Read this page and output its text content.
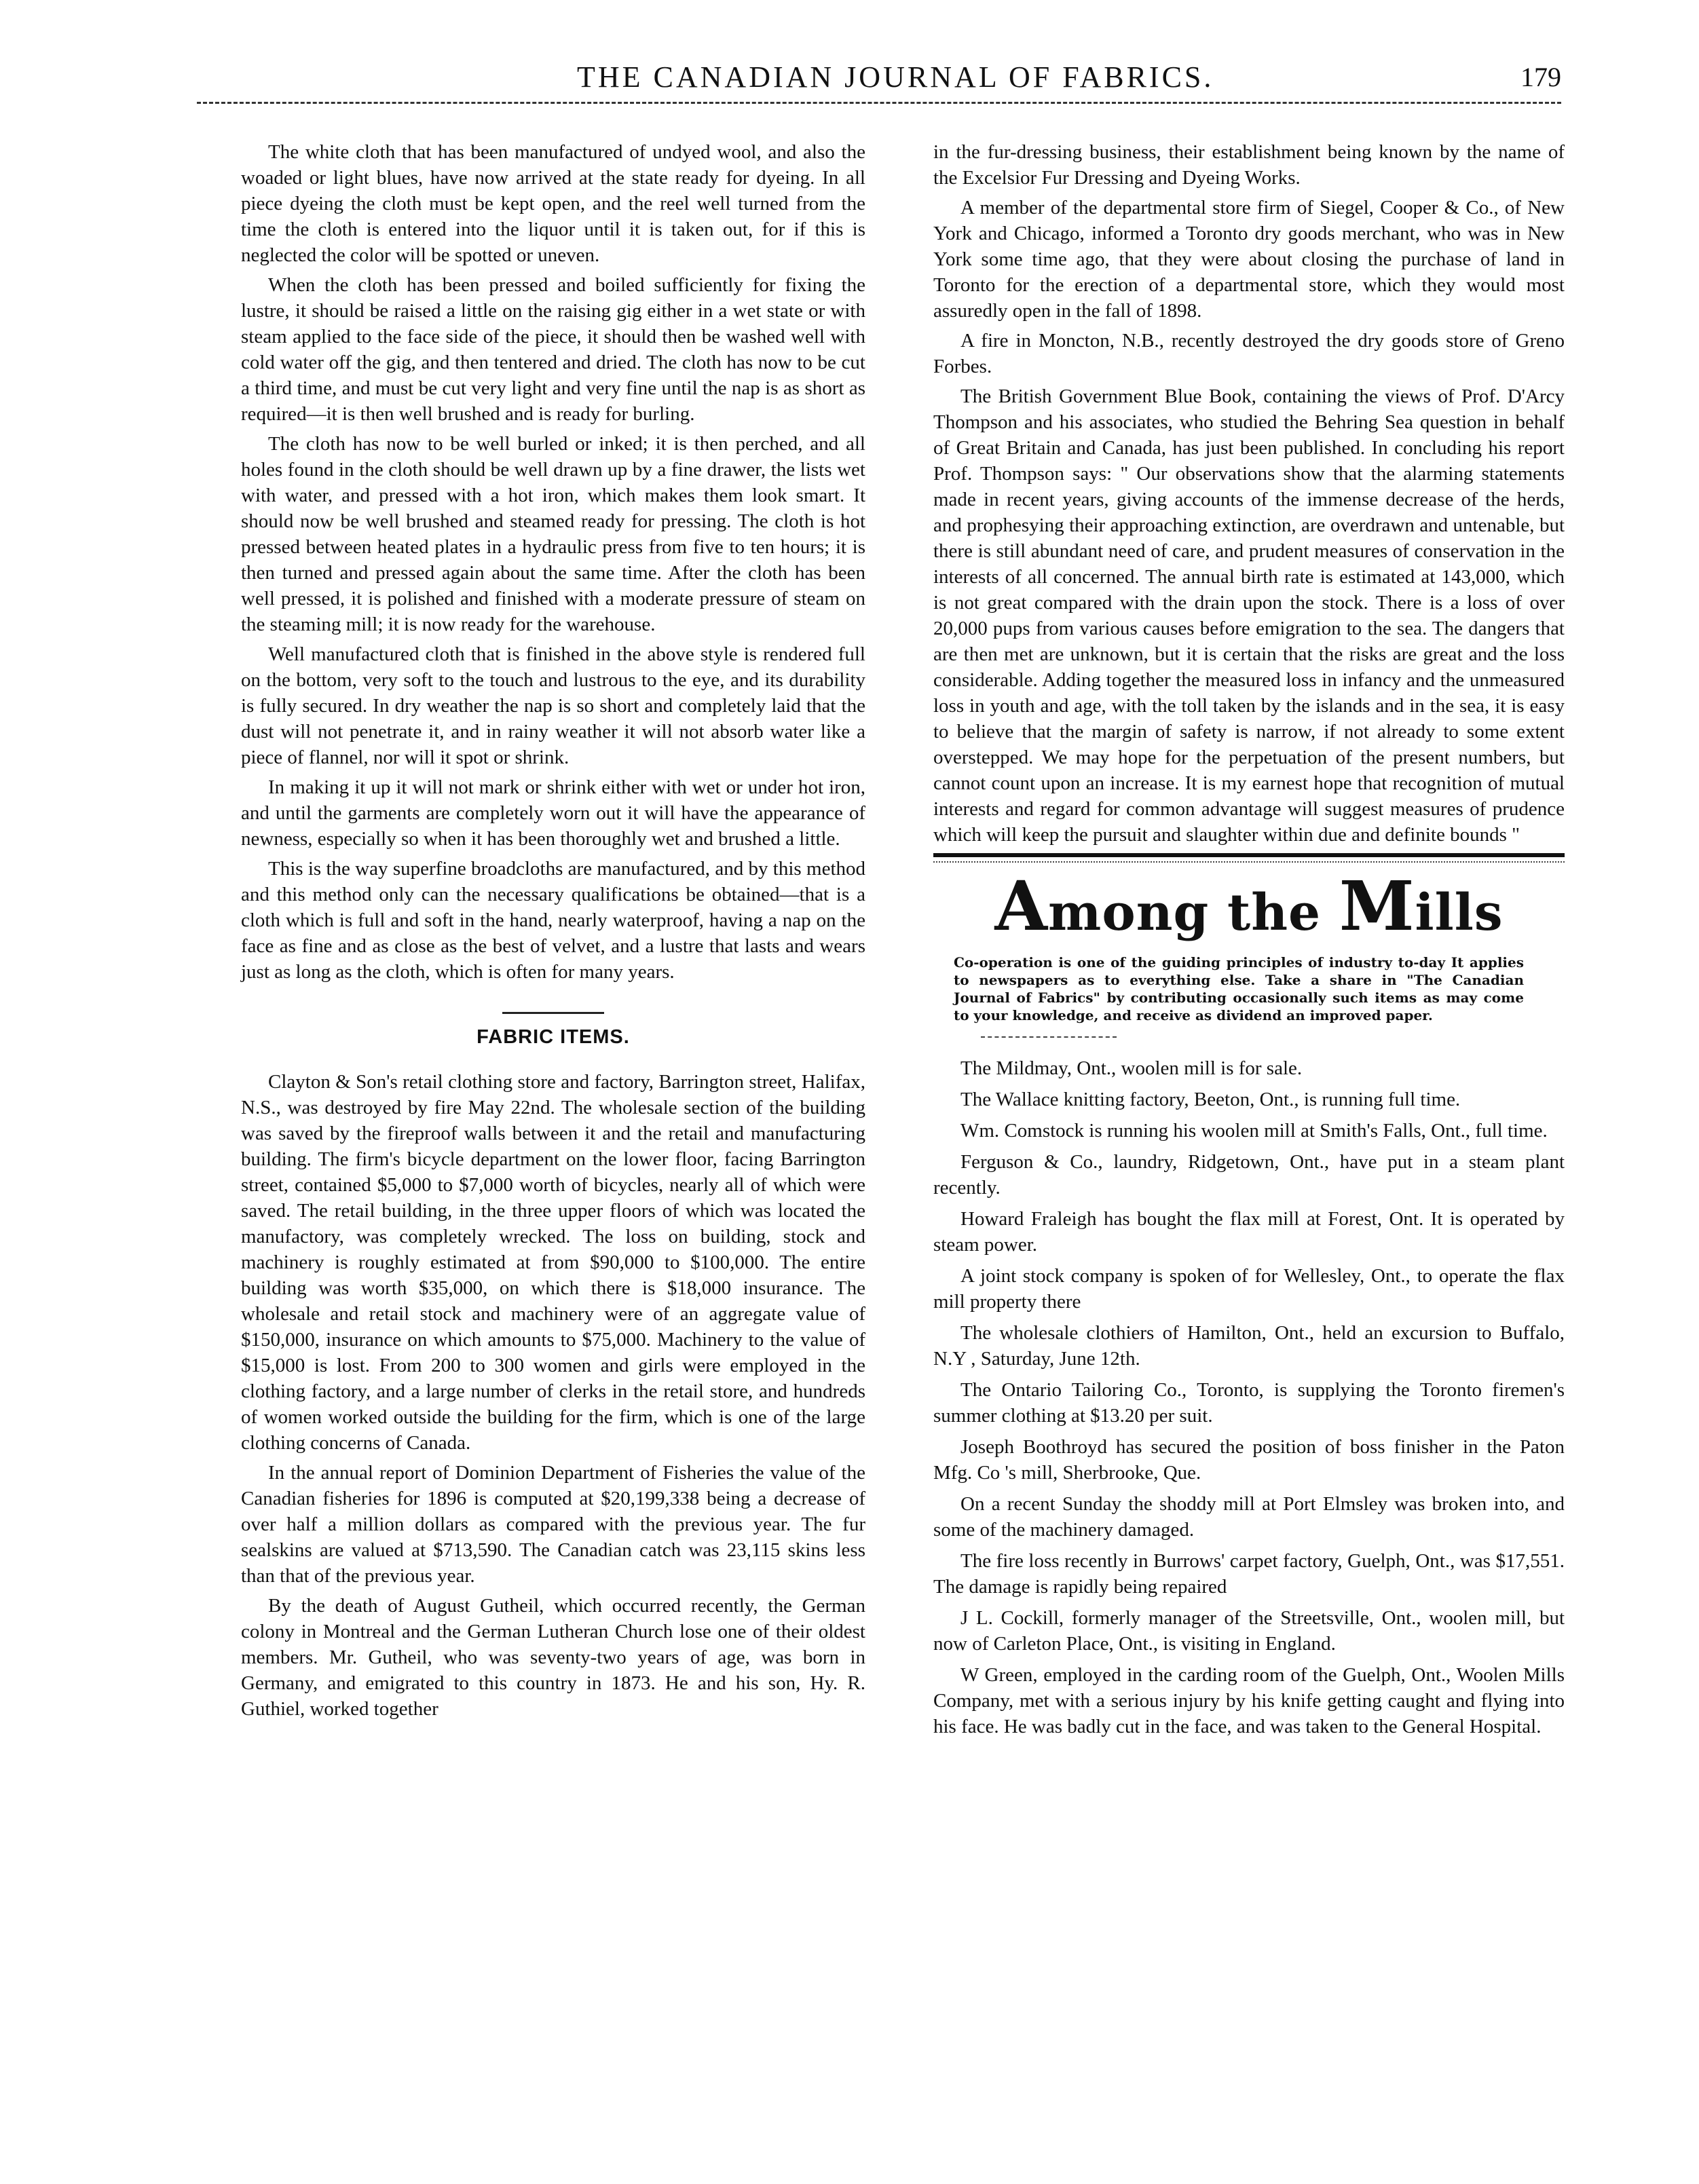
THE CANADIAN JOURNAL OF FABRICS.	179

The white cloth that has been manufactured of undyed wool, and also the woaded or light blues, have now arrived at the state ready for dyeing. In all piece dyeing the cloth must be kept open, and the reel well turned from the time the cloth is entered into the liquor until it is taken out, for if this is neglected the color will be spotted or uneven.

When the cloth has been pressed and boiled sufficiently for fixing the lustre, it should be raised a little on the raising gig either in a wet state or with steam applied to the face side of the piece, it should then be washed well with cold water off the gig, and then tentered and dried. The cloth has now to be cut a third time, and must be cut very light and very fine until the nap is as short as required—it is then well brushed and is ready for burling.

The cloth has now to be well burled or inked; it is then perched, and all holes found in the cloth should be well drawn up by a fine drawer, the lists wet with water, and pressed with a hot iron, which makes them look smart. It should now be well brushed and steamed ready for pressing. The cloth is hot pressed between heated plates in a hydraulic press from five to ten hours; it is then turned and pressed again about the same time. After the cloth has been well pressed, it is polished and finished with a moderate pressure of steam on the steaming mill; it is now ready for the warehouse.

Well manufactured cloth that is finished in the above style is rendered full on the bottom, very soft to the touch and lustrous to the eye, and its durability is fully secured. In dry weather the nap is so short and completely laid that the dust will not penetrate it, and in rainy weather it will not absorb water like a piece of flannel, nor will it spot or shrink.

In making it up it will not mark or shrink either with wet or under hot iron, and until the garments are completely worn out it will have the appearance of newness, especially so when it has been thoroughly wet and brushed a little.

This is the way superfine broadcloths are manufactured, and by this method and this method only can the necessary qualifications be obtained—that is a cloth which is full and soft in the hand, nearly waterproof, having a nap on the face as fine and as close as the best of velvet, and a lustre that lasts and wears just as long as the cloth, which is often for many years.

FABRIC ITEMS.

Clayton & Son's retail clothing store and factory, Barrington street, Halifax, N.S., was destroyed by fire May 22nd. The wholesale section of the building was saved by the fireproof walls between it and the retail and manufacturing building. The firm's bicycle department on the lower floor, facing Barrington street, contained $5,000 to $7,000 worth of bicycles, nearly all of which were saved. The retail building, in the three upper floors of which was located the manufactory, was completely wrecked. The loss on building, stock and machinery is roughly estimated at from $90,000 to $100,000. The entire building was worth $35,000, on which there is $18,000 insurance. The wholesale and retail stock and machinery were of an aggregate value of $150,000, insurance on which amounts to $75,000. Machinery to the value of $15,000 is lost. From 200 to 300 women and girls were employed in the clothing factory, and a large number of clerks in the retail store, and hundreds of women worked outside the building for the firm, which is one of the large clothing concerns of Canada.

In the annual report of Dominion Department of Fisheries the value of the Canadian fisheries for 1896 is computed at $20,199,338 being a decrease of over half a million dollars as compared with the previous year. The fur sealskins are valued at $713,590. The Canadian catch was 23,115 skins less than that of the previous year.

By the death of August Gutheil, which occurred recently, the German colony in Montreal and the German Lutheran Church lose one of their oldest members. Mr. Gutheil, who was seventy-two years of age, was born in Germany, and emigrated to this country in 1873. He and his son, Hy. R. Guthiel, worked together

in the fur-dressing business, their establishment being known by the name of the Excelsior Fur Dressing and Dyeing Works.

A member of the departmental store firm of Siegel, Cooper & Co., of New York and Chicago, informed a Toronto dry goods merchant, who was in New York some time ago, that they were about closing the purchase of land in Toronto for the erection of a departmental store, which they would most assuredly open in the fall of 1898.

A fire in Moncton, N.B., recently destroyed the dry goods store of Greno Forbes.

The British Government Blue Book, containing the views of Prof. D'Arcy Thompson and his associates, who studied the Behring Sea question in behalf of Great Britain and Canada, has just been published. In concluding his report Prof. Thompson says: " Our observations show that the alarming statements made in recent years, giving accounts of the immense decrease of the herds, and prophesying their approaching extinction, are overdrawn and untenable, but there is still abundant need of care, and prudent measures of conservation in the interests of all concerned. The annual birth rate is estimated at 143,000, which is not great compared with the drain upon the stock. There is a loss of over 20,000 pups from various causes before emigration to the sea. The dangers that are then met are unknown, but it is certain that the risks are great and the loss considerable. Adding together the measured loss in infancy and the unmeasured loss in youth and age, with the toll taken by the islands and in the sea, it is easy to believe that the margin of safety is narrow, if not already to some extent overstepped. We may hope for the perpetuation of the present numbers, but cannot count upon an increase. It is my earnest hope that recognition of mutual interests and regard for common advantage will suggest measures of prudence which will keep the pursuit and slaughter within due and definite bounds "

Among the Mills
Co-operation is one of the guiding principles of industry to-day It applies to newspapers as to everything else. Take a share in "The Canadian Journal of Fabrics" by contributing occasionally such items as may come to your knowledge, and receive as dividend an improved paper.

The Mildmay, Ont., woolen mill is for sale.

The Wallace knitting factory, Beeton, Ont., is running full time.

Wm. Comstock is running his woolen mill at Smith's Falls, Ont., full time.

Ferguson & Co., laundry, Ridgetown, Ont., have put in a steam plant recently.

Howard Fraleigh has bought the flax mill at Forest, Ont. It is operated by steam power.

A joint stock company is spoken of for Wellesley, Ont., to operate the flax mill property there

The wholesale clothiers of Hamilton, Ont., held an excursion to Buffalo, N.Y , Saturday, June 12th.

The Ontario Tailoring Co., Toronto, is supplying the Toronto firemen's summer clothing at $13.20 per suit.

Joseph Boothroyd has secured the position of boss finisher in the Paton Mfg. Co 's mill, Sherbrooke, Que.

On a recent Sunday the shoddy mill at Port Elmsley was broken into, and some of the machinery damaged.

The fire loss recently in Burrows' carpet factory, Guelph, Ont., was $17,551. The damage is rapidly being repaired

J L. Cockill, formerly manager of the Streetsville, Ont., woolen mill, but now of Carleton Place, Ont., is visiting in England.

W Green, employed in the carding room of the Guelph, Ont., Woolen Mills Company, met with a serious injury by his knife getting caught and flying into his face. He was badly cut in the face, and was taken to the General Hospital.
